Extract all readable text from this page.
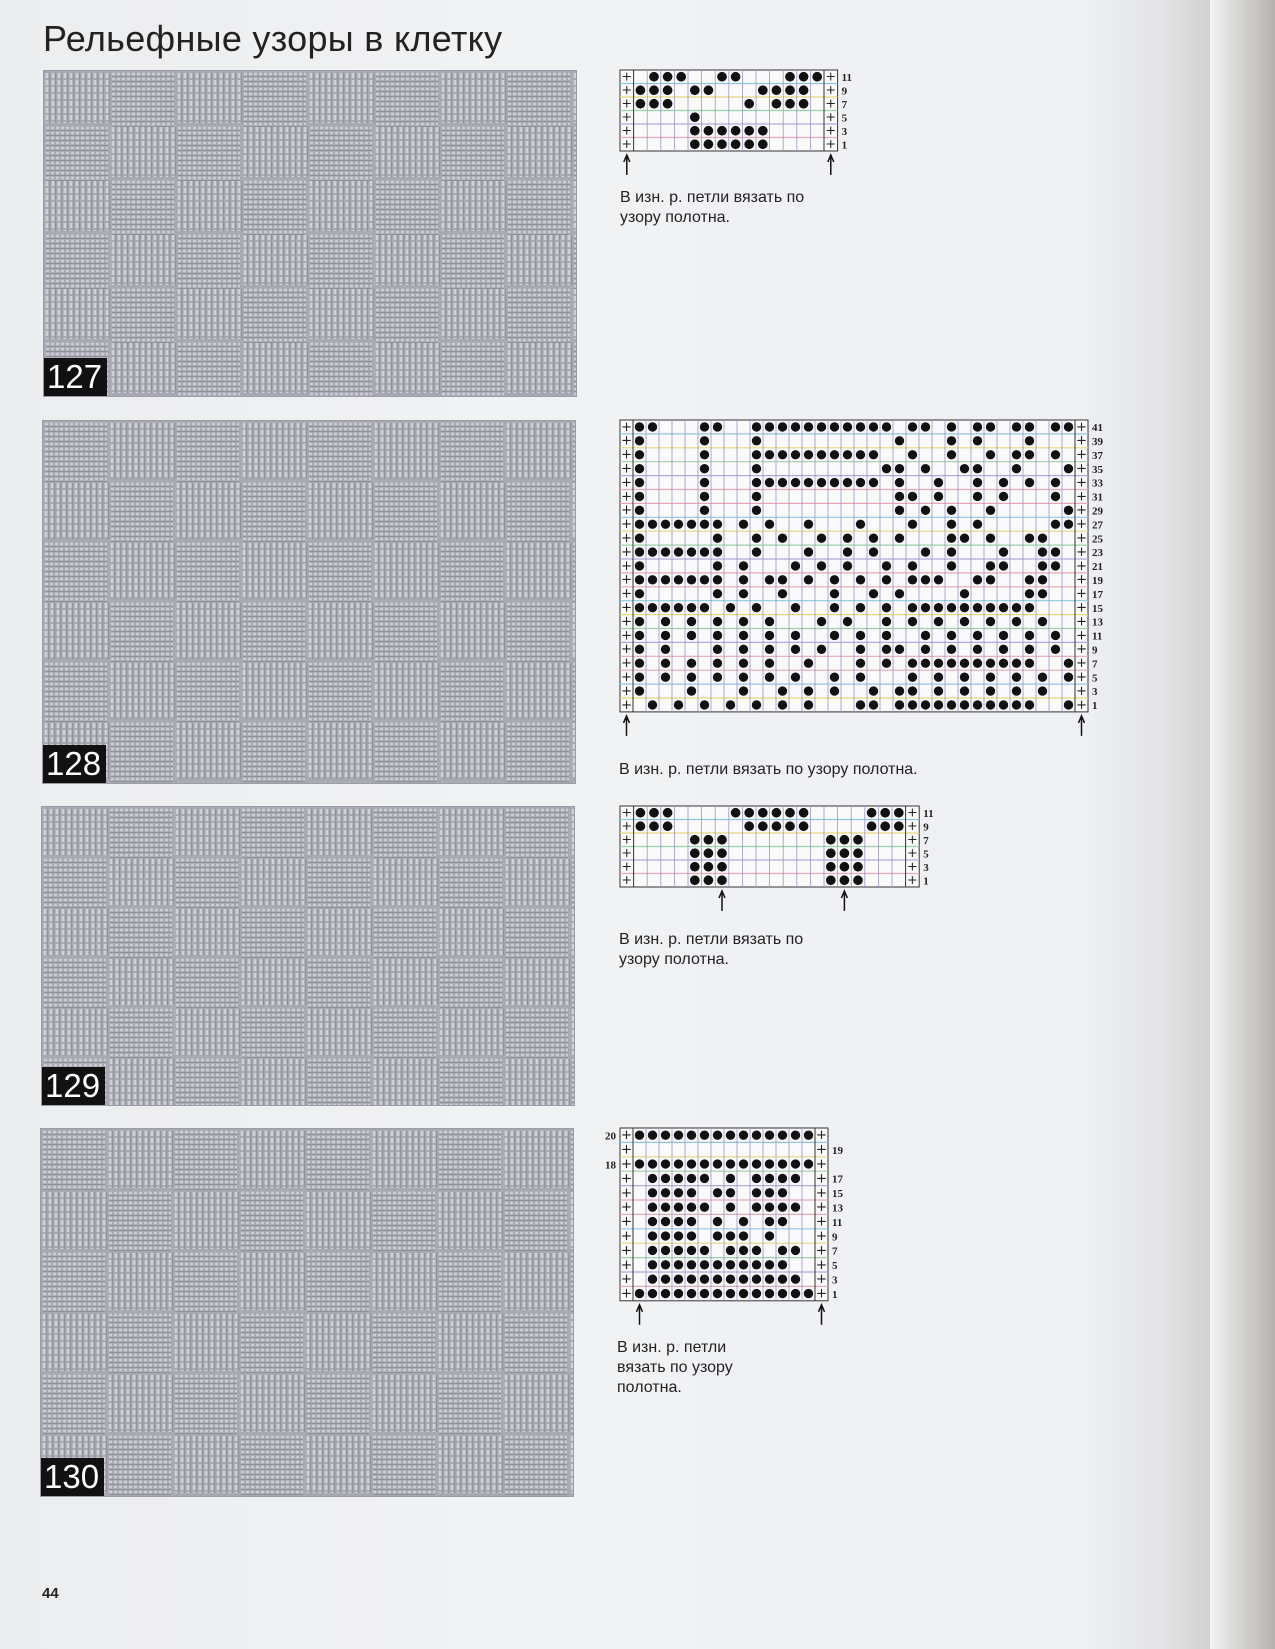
Рельефные узоры в клетку
127
+	+ 11
+	+ 9
+	+ 7
+	+ 5
+	+ 3
+	+ 1
В изн. р. петли вязать по
узору полотна.
128
+	+ 41
+	+ 39
+	+ 37
+	+ 35
+	+ 33
+	+ 31
+	+ 29
+	+ 27
+	+ 25
+	+ 23
+	+ 21
+	+ 19
+	+ 17
+	+ 15
+	+ 13
+	+ 11
+	+ 9
+	+ 7
+	+ 5
+	+ 3
+	+ 1
В изн. р. петли вязать по узору полотна.
129
+	+ 11
+	+ 9
+	+ 7
+	+ 5
+	+ 3
+	+ 1
В изн. р. петли вязать по
узору полотна.
130
+	+
20
+	+ 19
+	+
18
+	+ 17
+	+ 15
+	+ 13
+	+ 11
+	+ 9
+	+ 7
+	+ 5
+	+ 3
+	+ 1
В изн. р. петли
вязать по узору
полотна.
44
